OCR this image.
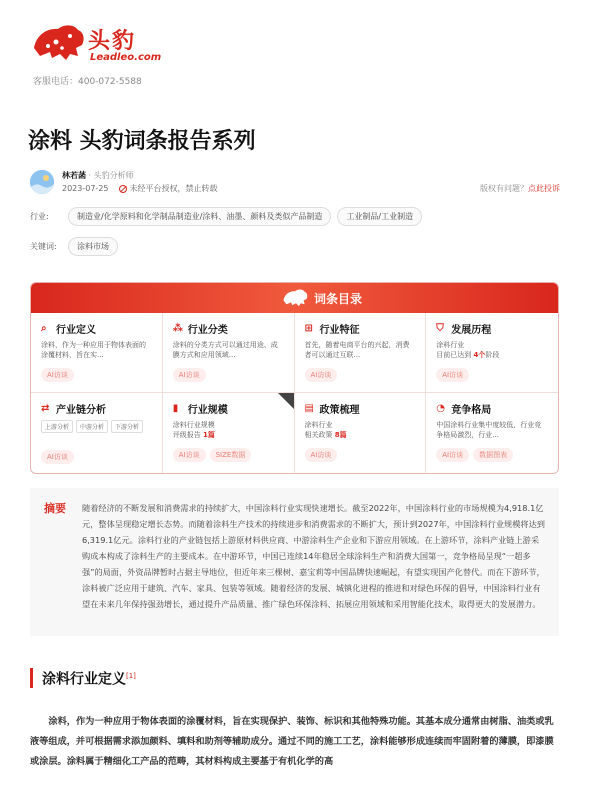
头豹
Leadleo.com
客服电话：400-072-5588
涂料 头豹词条报告系列
林若菡 · 头豹分析师
2023-07-25	未经平台授权，禁止转载	版权有问题？点此投诉
行业:	制造业/化学原料和化学制品制造业/涂料、油墨、颜料及类似产品制造	工业制品/工业制造
关键词:	涂料市场
词条目录
⌕ 行业定义
涂料，作为一种应用于物体表面的涂覆材料，旨在实...
AI访谈
⁂ 行业分类
涂料的分类方式可以通过用途、成膜方式和应用领域...
AI访谈
⊞ 行业特征
首先，随着电商平台的兴起，消费者可以通过互联...
AI访谈
⛉ 发展历程
涂料行业
目前已达到 4个阶段
AI访谈
⇄ 产业链分析
上游分析	中游分析	下游分析
AI访谈
▮ 行业规模
涂料行业规模
评级报告 1篇
AI访谈 SIZE数据
▤ 政策梳理
涂料行业
相关政策 8篇
AI访谈
◔ 竞争格局
中国涂料行业集中度较低，行业竞争格局激烈，行业...
AI访谈 数据图表
摘要	随着经济的不断发展和消费需求的持续扩大，中国涂料行业实现快速增长。截至2022年，中国涂料行业的市场规模为4,918.1亿元，整体呈现稳定增长态势。而随着涂料生产技术的持续进步和消费需求的不断扩大，预计到2027年，中国涂料行业规模将达到6,319.1亿元。涂料行业的产业链包括上游原材料供应商、中游涂料生产企业和下游应用领域。在上游环节，涂料产业链上游采购成本构成了涂料生产的主要成本。在中游环节，中国已连续14年稳居全球涂料生产和消费大国第一，竞争格局呈现“一超多强”的局面，外资品牌暂时占据主导地位，但近年来三棵树、嘉宝莉等中国品牌快速崛起，有望实现国产化替代。而在下游环节，涂料被广泛应用于建筑、汽车、家具、包装等领域。随着经济的发展、城镇化进程的推进和对绿色环保的倡导，中国涂料行业有望在未来几年保持强劲增长，通过提升产品质量、推广绿色环保涂料、拓展应用领域和采用智能化技术，取得更大的发展潜力。
涂料行业定义[1]
涂料，作为一种应用于物体表面的涂覆材料，旨在实现保护、装饰、标识和其他特殊功能。其基本成分通常由树脂、油类或乳液等组成，并可根据需求添加颜料、填料和助剂等辅助成分。通过不同的施工工艺，涂料能够形成连续而牢固附着的薄膜，即漆膜或涂层。涂料属于精细化工产品的范畴，其材料构成主要基于有机化学的高
